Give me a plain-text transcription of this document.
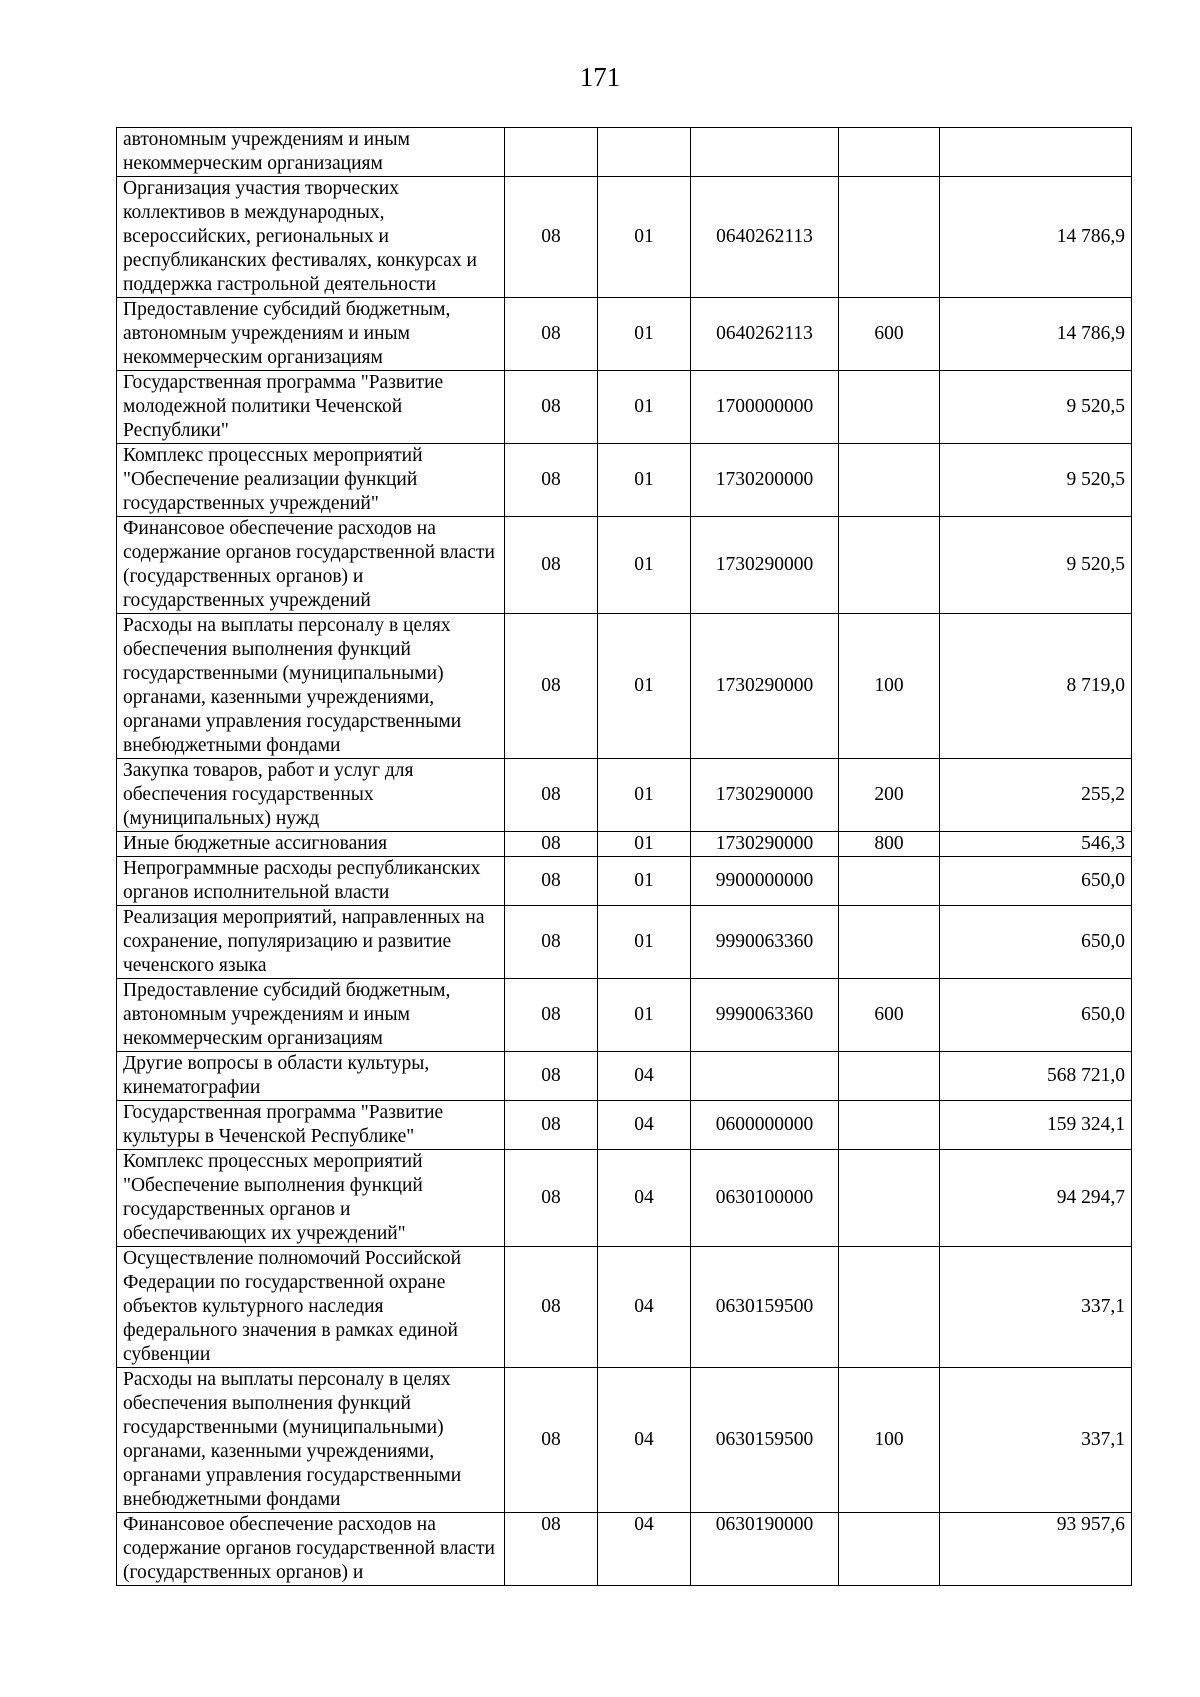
171
автономным учреждениям и иным некоммерческим организациям					
Организация участия творческих коллективов в международных, всероссийских, региональных и республиканских фестивалях, конкурсах и поддержка гастрольной деятельности	08	01	0640262113		14 786,9
Предоставление субсидий бюджетным, автономным учреждениям и иным некоммерческим организациям	08	01	0640262113	600	14 786,9
Государственная программа "Развитие молодежной политики Чеченской Республики"	08	01	1700000000		9 520,5
Комплекс процессных мероприятий "Обеспечение реализации функций государственных учреждений"	08	01	1730200000		9 520,5
Финансовое обеспечение расходов на содержание органов государственной власти (государственных органов) и государственных учреждений	08	01	1730290000		9 520,5
Расходы на выплаты персоналу в целях обеспечения выполнения функций государственными (муниципальными) органами, казенными учреждениями, органами управления государственными внебюджетными фондами	08	01	1730290000	100	8 719,0
Закупка товаров, работ и услуг для обеспечения государственных (муниципальных) нужд	08	01	1730290000	200	255,2
Иные бюджетные ассигнования	08	01	1730290000	800	546,3
Непрограммные расходы республиканских органов исполнительной власти	08	01	9900000000		650,0
Реализация мероприятий, направленных на сохранение, популяризацию и развитие чеченского языка	08	01	9990063360		650,0
Предоставление субсидий бюджетным, автономным учреждениям и иным некоммерческим организациям	08	01	9990063360	600	650,0
Другие вопросы в области культуры, кинематографии	08	04			568 721,0
Государственная программа "Развитие культуры в Чеченской Республике"	08	04	0600000000		159 324,1
Комплекс процессных мероприятий "Обеспечение выполнения функций государственных органов и обеспечивающих их учреждений"	08	04	0630100000		94 294,7
Осуществление полномочий Российской Федерации по государственной охране объектов культурного наследия федерального значения в рамках единой субвенции	08	04	0630159500		337,1
Расходы на выплаты персоналу в целях обеспечения выполнения функций государственными (муниципальными) органами, казенными учреждениями, органами управления государственными внебюджетными фондами	08	04	0630159500	100	337,1
Финансовое обеспечение расходов на содержание органов государственной власти (государственных органов) и	08	04	0630190000		93 957,6
